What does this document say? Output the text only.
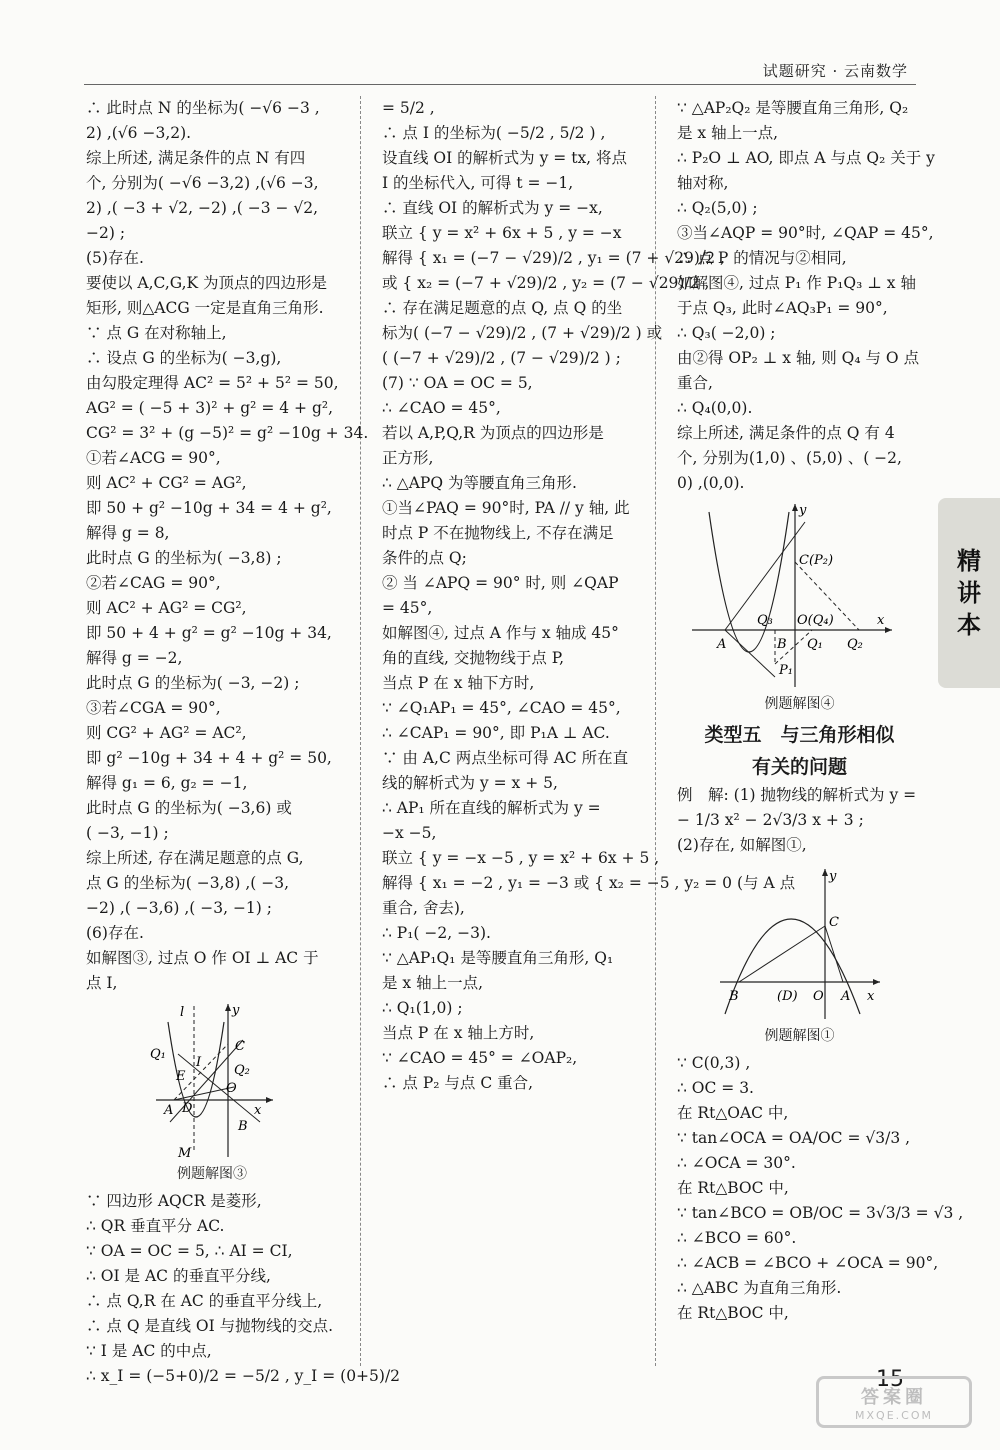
试题研究 · 云南数学
∴ 此时点 N 的坐标为( −√6 −3 ,
2) ,(√6 −3,2).
综上所述, 满足条件的点 N 有四
个, 分别为( −√6 −3,2) ,(√6 −3,
2) ,( −3 + √2, −2) ,( −3 − √2,
−2) ;
(5)存在.
要使以 A,C,G,K 为顶点的四边形是
矩形, 则△ACG 一定是直角三角形.
∵ 点 G 在对称轴上,
∴ 设点 G 的坐标为( −3,g),
由勾股定理得 AC² = 5² + 5² = 50,
AG² = ( −5 + 3)² + g² = 4 + g²,
CG² = 3² + (g −5)² = g² −10g + 34.
①若∠ACG = 90°,
则 AC² + CG² = AG²,
即 50 + g² −10g + 34 = 4 + g²,
解得 g = 8,
此时点 G 的坐标为( −3,8) ;
②若∠CAG = 90°,
则 AC² + AG² = CG²,
即 50 + 4 + g² = g² −10g + 34,
解得 g = −2,
此时点 G 的坐标为( −3, −2) ;
③若∠CGA = 90°,
则 CG² + AG² = AC²,
即 g² −10g + 34 + 4 + g² = 50,
解得 g₁ = 6, g₂ = −1,
此时点 G 的坐标为( −3,6) 或
( −3, −1) ;
综上所述, 存在满足题意的点 G,
点 G 的坐标为( −3,8) ,( −3,
−2) ,( −3,6) ,( −3, −1) ;
(6)存在.
如解图③, 过点 O 作 OI ⊥ AC 于
点 I,
l	y
Q₁
I
C
E	Q₂
O
A D	x
B
M
例题解图③
∵ 四边形 AQCR 是菱形,
∴ QR 垂直平分 AC.
∵ OA = OC = 5, ∴ AI = CI,
∴ OI 是 AC 的垂直平分线,
∴ 点 Q,R 在 AC 的垂直平分线上,
∴ 点 Q 是直线 OI 与抛物线的交点.
∵ I 是 AC 的中点,
∴ x_I = (−5+0)/2 = −5/2 , y_I = (0+5)/2
= 5/2 ,
∴ 点 I 的坐标为( −5/2 , 5/2 ) ,
设直线 OI 的解析式为 y = tx, 将点
I 的坐标代入, 可得 t = −1,
∴ 直线 OI 的解析式为 y = −x,
联立 { y = x² + 6x + 5 , y = −x
解得 { x₁ = (−7 − √29)/2 , y₁ = (7 + √29)/2 ,
或 { x₂ = (−7 + √29)/2 , y₂ = (7 − √29)/2 ,
∴ 存在满足题意的点 Q, 点 Q 的坐
标为( (−7 − √29)/2 , (7 + √29)/2 ) 或
( (−7 + √29)/2 , (7 − √29)/2 ) ;
(7) ∵ OA = OC = 5,
∴ ∠CAO = 45°,
若以 A,P,Q,R 为顶点的四边形是
正方形,
∴ △APQ 为等腰直角三角形.
①当∠PAQ = 90°时, PA // y 轴, 此
时点 P 不在抛物线上, 不存在满足
条件的点 Q;
② 当 ∠APQ = 90° 时, 则 ∠QAP
= 45°,
如解图④, 过点 A 作与 x 轴成 45°
角的直线, 交抛物线于点 P,
当点 P 在 x 轴下方时,
∵ ∠Q₁AP₁ = 45°, ∠CAO = 45°,
∴ ∠CAP₁ = 90°, 即 P₁A ⊥ AC.
∵ 由 A,C 两点坐标可得 AC 所在直
线的解析式为 y = x + 5,
∴ AP₁ 所在直线的解析式为 y =
−x −5,
联立 { y = −x −5 , y = x² + 6x + 5 ,
解得 { x₁ = −2 , y₁ = −3 或 { x₂ = −5 , y₂ = 0 (与 A 点
重合, 舍去),
∴ P₁( −2, −3).
∵ △AP₁Q₁ 是等腰直角三角形, Q₁
是 x 轴上一点,
∴ Q₁(1,0) ;
当点 P 在 x 轴上方时,
∵ ∠CAO = 45° = ∠OAP₂,
∴ 点 P₂ 与点 C 重合,
∵ △AP₂Q₂ 是等腰直角三角形, Q₂
是 x 轴上一点,
∴ P₂O ⊥ AO, 即点 A 与点 Q₂ 关于 y
轴对称,
∴ Q₂(5,0) ;
③当∠AQP = 90°时, ∠QAP = 45°,
∴ 点 P 的情况与②相同,
如解图④, 过点 P₁ 作 P₁Q₃ ⊥ x 轴
于点 Q₃, 此时∠AQ₃P₁ = 90°,
∴ Q₃( −2,0) ;
由②得 OP₂ ⊥ x 轴, 则 Q₄ 与 O 点
重合,
∴ Q₄(0,0).
综上所述, 满足条件的点 Q 有 4
个, 分别为(1,0) 、(5,0) 、( −2,
0) ,(0,0).
y
C(P₂)
Q₃ O(Q₄)
A	B Q₁ Q₂
x
P₁
例题解图④
类型五　与三角形相似
有关的问题
例　解: (1) 抛物线的解析式为 y =
− 1/3 x² − 2√3/3 x + 3 ;
(2)存在, 如解图①,
y
C
B	(D) O A x
例题解图①
∵ C(0,3) ,
∴ OC = 3.
在 Rt△OAC 中,
∵ tan∠OCA = OA/OC = √3/3 ,
∴ ∠OCA = 30°.
在 Rt△BOC 中,
∵ tan∠BCO = OB/OC = 3√3/3 = √3 ,
∴ ∠BCO = 60°.
∴ ∠ACB = ∠BCO + ∠OCA = 90°,
∴ △ABC 为直角三角形.
在 Rt△BOC 中,
精
讲
本
15
答案圈
MXQE.COM
